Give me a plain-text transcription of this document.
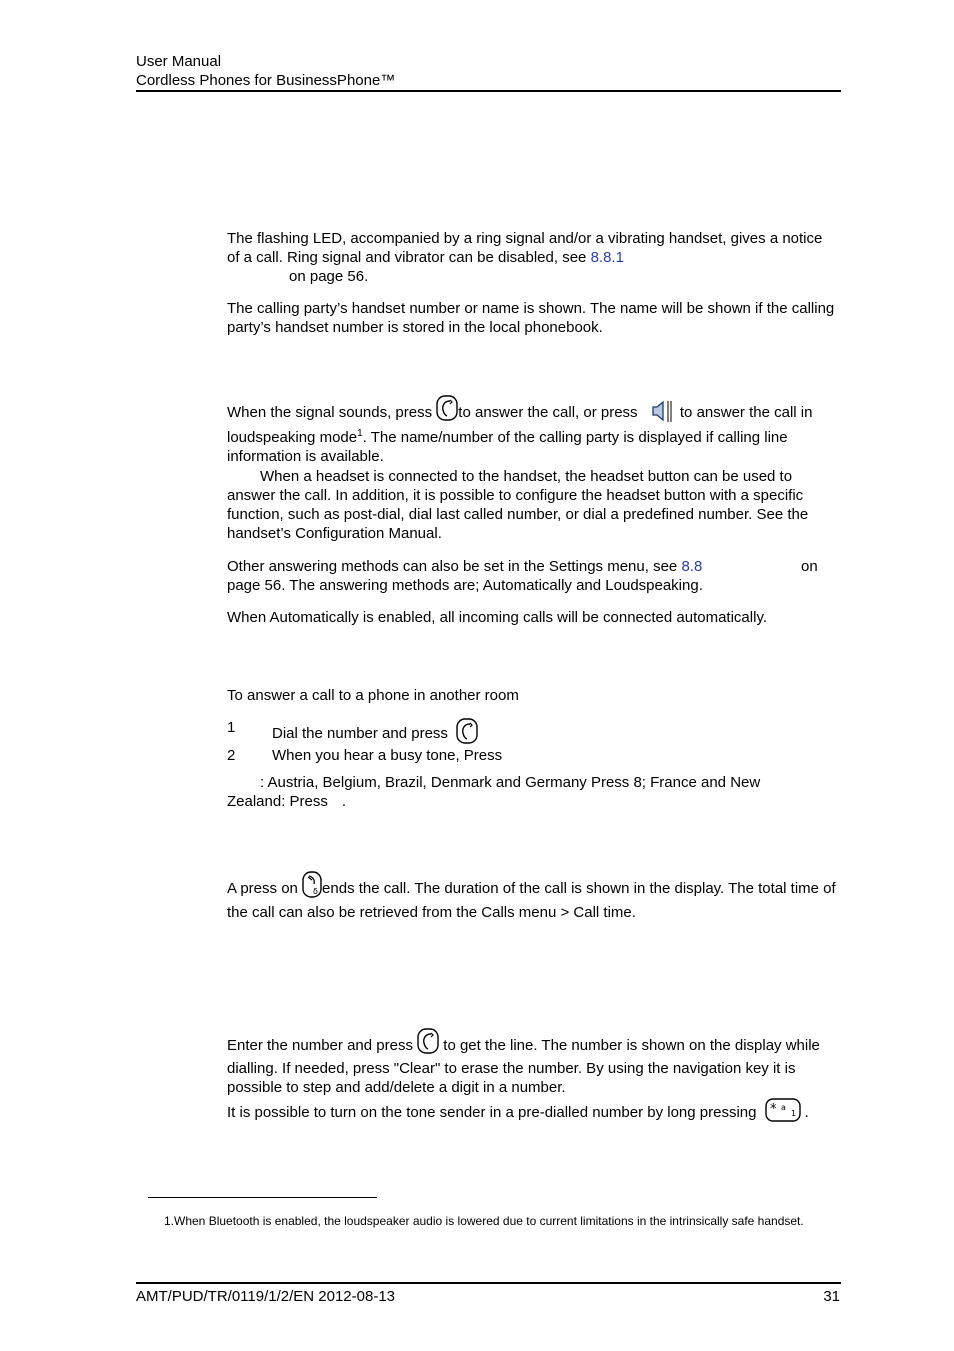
User Manual
Cordless Phones for BusinessPhone™
The flashing LED, accompanied by a ring signal and/or a vibrating handset, gives a notice of a call. Ring signal and vibrator can be disabled, see 8.8.1
on page 56.
The calling party’s handset number or name is shown. The name will be shown if the calling party’s handset number is stored in the local phonebook.
When the signal sounds, press to answer the call, or press  to answer the call in loudspeaking mode$^1$. The name/number of the calling party is displayed if calling line information is available.
When a headset is connected to the handset, the headset button can be used to answer the call. In addition, it is possible to configure the headset button with a specific function, such as post-dial, dial last called number, or dial a predefined number. See the handset’s Configuration Manual.
Other answering methods can also be set in the Settings menu, see 8.8	on

page 56. The answering methods are; Automatically and Loudspeaking.
When Automatically is enabled, all incoming calls will be connected automatically.
To answer a call to a phone in another room
1 Dial the number and press
2 When you hear a busy tone, Press
: Austria, Belgium, Brazil, Denmark and Germany Press 8; France and New
Zealand: Press .
A press on δ ends the call. The duration of the call is shown in the display. The total time of the call can also be retrieved from the Calls menu > Call time.
Enter the number and press  to get the line. The number is shown on the display while dialling. If needed, press "Clear" to erase the number. By using the navigation key it is possible to step and add/delete a digit in a number.
It is possible to turn on the tone sender in a pre-dialled number by long pressing * a
1 .
1.When Bluetooth is enabled, the loudspeaker audio is lowered due to current limitations in the intrinsically safe handset.
AMT/PUD/TR/0119/1/2/EN 2012-08-13	31
